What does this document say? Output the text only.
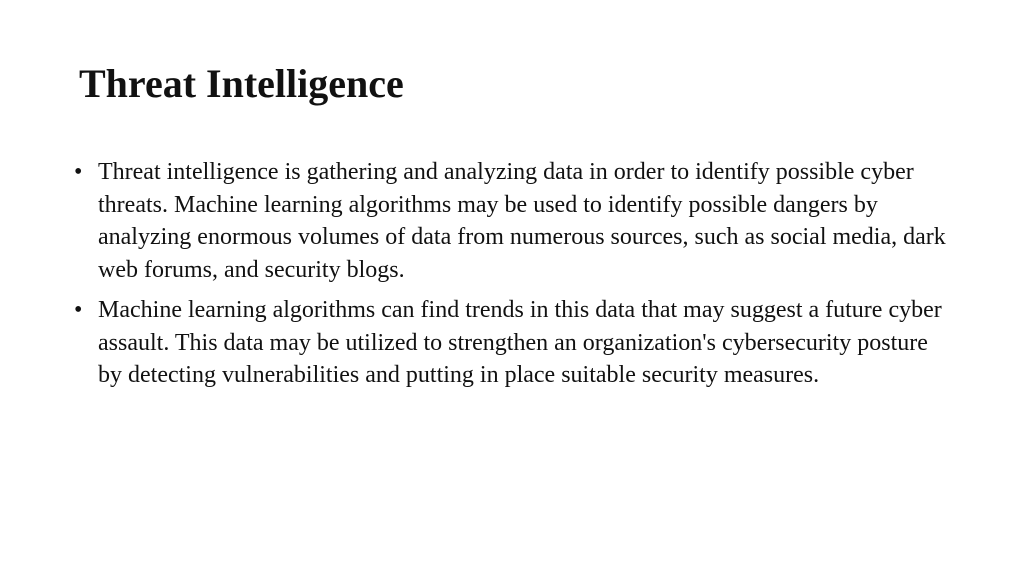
Threat Intelligence
• Threat intelligence is gathering and analyzing data in order to identify possible cyber threats. Machine learning algorithms may be used to identify possible dangers by analyzing enormous volumes of data from numerous sources, such as social media, dark web forums, and security blogs.
• Machine learning algorithms can find trends in this data that may suggest a future cyber assault. This data may be utilized to strengthen an organization's cybersecurity posture by detecting vulnerabilities and putting in place suitable security measures.
